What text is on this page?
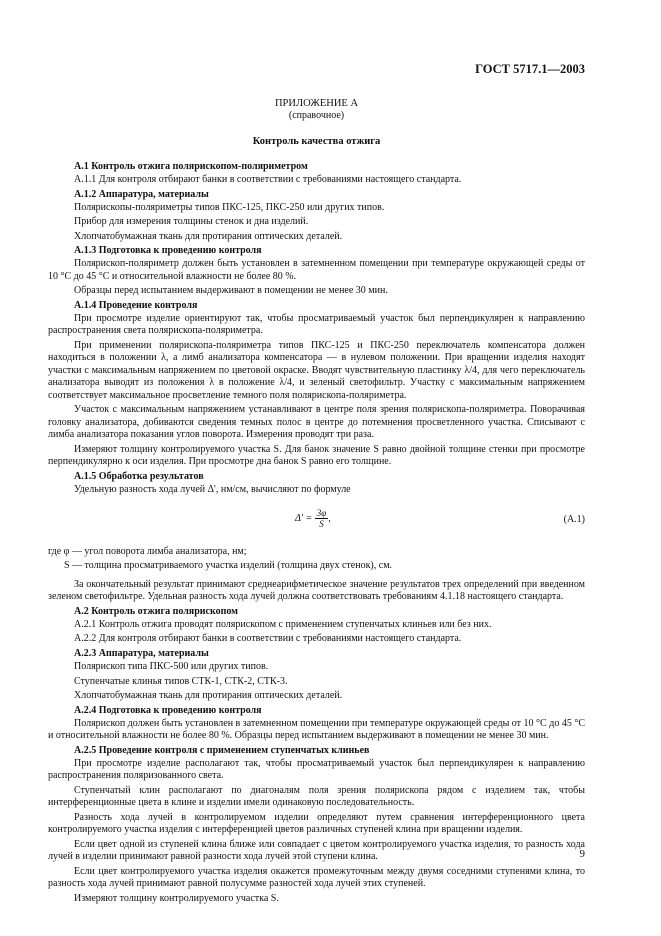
ГОСТ 5717.1—2003
ПРИЛОЖЕНИЕ А
(справочное)
Контроль качества отжига
А.1 Контроль отжига полярископом-поляриметром

А.1.1 Для контроля отбирают банки в соответствии с требованиями настоящего стандарта.

А.1.2 Аппаратура, материалы

Полярископы-поляриметры типов ПКС-125, ПКС-250 или других типов.

Прибор для измерения толщины стенок и дна изделий.

Хлопчатобумажная ткань для протирания оптических деталей.

А.1.3 Подготовка к проведению контроля

Полярископ-поляриметр должен быть установлен в затемненном помещении при температуре окружающей среды от 10 °С до 45 °С и относительной влажности не более 80 %.

Образцы перед испытанием выдерживают в помещении не менее 30 мин.

А.1.4 Проведение контроля

При просмотре изделие ориентируют так, чтобы просматриваемый участок был перпендикулярен к направлению распространения света полярископа-поляриметра.

При применении полярископа-поляриметра типов ПКС-125 и ПКС-250 переключатель компенсатора должен находиться в положении λ, а лимб анализатора компенсатора — в нулевом положении. При вращении изделия находят участки с максимальным напряжением по цветовой окраске. Вводят чувствительную пластинку λ/4, для чего переключатель анализатора выводят из положения λ в положение λ/4, и зеленый светофильтр. Участку с максимальным напряжением соответствует максимальное просветление темного поля полярископа-поляриметра.

Участок с максимальным напряжением устанавливают в центре поля зрения полярископа-поляриметра. Поворачивая головку анализатора, добиваются сведения темных полос в центре до потемнения просветленного участка. Списывают с лимба анализатора показания углов поворота. Измерения проводят три раза.

Измеряют толщину контролируемого участка S. Для банок значение S равно двойной толщине стенки при просмотре перпендикулярно к оси изделия. При просмотре дна банок S равно его толщине.

А.1.5 Обработка результатов

Удельную разность хода лучей Δ', нм/см, вычисляют по формуле

$\Delta' = \frac{3\varphi}{S}$ ,	(А.1)

где φ — угол поворота лимба анализатора, нм;

S — толщина просматриваемого участка изделий (толщина двух стенок), см.

За окончательный результат принимают среднеарифметическое значение результатов трех определений при введенном зеленом светофильтре. Удельная разность хода лучей должна соответствовать требованиям 4.1.18 настоящего стандарта.

А.2 Контроль отжига полярископом

А.2.1 Контроль отжига проводят полярископом с применением ступенчатых клиньев или без них.

А.2.2 Для контроля отбирают банки в соответствии с требованиями настоящего стандарта.

А.2.3 Аппаратура, материалы

Полярископ типа ПКС-500 или других типов.

Ступенчатые клинья типов СТК-1, СТК-2, СТК-3.

Хлопчатобумажная ткань для протирания оптических деталей.

А.2.4 Подготовка к проведению контроля

Полярископ должен быть установлен в затемненном помещении при температуре окружающей среды от 10 °С до 45 °С и относительной влажности не более 80 %. Образцы перед испытанием выдерживают в помещении не менее 30 мин.

А.2.5 Проведение контроля с применением ступенчатых клиньев

При просмотре изделие располагают так, чтобы просматриваемый участок был перпендикулярен к направлению распространения поляризованного света.

Ступенчатый клин располагают по диагоналям поля зрения полярископа рядом с изделием так, чтобы интерференционные цвета в клине и изделии имели одинаковую последовательность.

Разность хода лучей в контролируемом изделии определяют путем сравнения интерференционного цвета контролируемого участка изделия с интерференцией цветов различных ступеней клина при вращении изделия.

Если цвет одной из ступеней клина ближе или совпадает с цветом контролируемого участка изделия, то разность хода лучей в изделии принимают равной разности хода лучей этой ступени клина.

Если цвет контролируемого участка изделия окажется промежуточным между двумя соседними ступенями клина, то разность хода лучей принимают равной полусумме разностей хода лучей этих ступеней.

Измеряют толщину контролируемого участка S.

9
